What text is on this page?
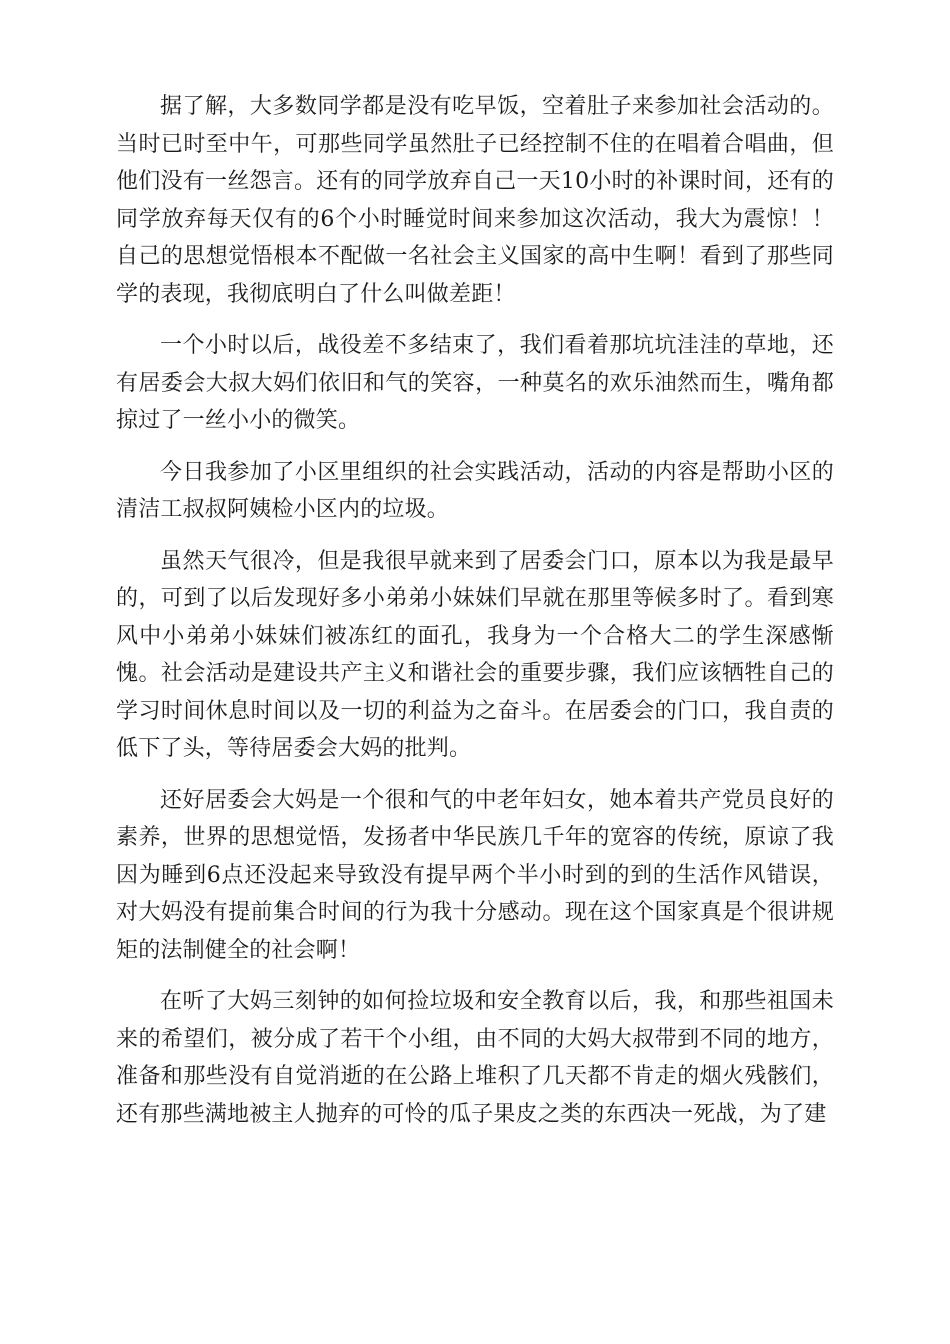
据了解，大多数同学都是没有吃早饭，空着肚子来参加社会活动的。当时已时至中午，可那些同学虽然肚子已经控制不住的在唱着合唱曲，但他们没有一丝怨言。还有的同学放弃自己一天10小时的补课时间，还有的同学放弃每天仅有的6个小时睡觉时间来参加这次活动，我大为震惊！！自己的思想觉悟根本不配做一名社会主义国家的高中生啊！看到了那些同学的表现，我彻底明白了什么叫做差距！

一个小时以后，战役差不多结束了，我们看着那坑坑洼洼的草地，还有居委会大叔大妈们依旧和气的笑容，一种莫名的欢乐油然而生，嘴角都掠过了一丝小小的微笑。

今日我参加了小区里组织的社会实践活动，活动的内容是帮助小区的清洁工叔叔阿姨检小区内的垃圾。

虽然天气很冷，但是我很早就来到了居委会门口，原本以为我是最早的，可到了以后发现好多小弟弟小妹妹们早就在那里等候多时了。看到寒风中小弟弟小妹妹们被冻红的面孔，我身为一个合格大二的学生深感惭愧。社会活动是建设共产主义和谐社会的重要步骤，我们应该牺牲自己的学习时间休息时间以及一切的利益为之奋斗。在居委会的门口，我自责的低下了头，等待居委会大妈的批判。

还好居委会大妈是一个很和气的中老年妇女，她本着共产党员良好的素养，世界的思想觉悟，发扬者中华民族几千年的宽容的传统，原谅了我因为睡到6点还没起来导致没有提早两个半小时到的到的生活作风错误，对大妈没有提前集合时间的行为我十分感动。现在这个国家真是个很讲规矩的法制健全的社会啊！

在听了大妈三刻钟的如何捡垃圾和安全教育以后，我，和那些祖国未来的希望们，被分成了若干个小组，由不同的大妈大叔带到不同的地方，准备和那些没有自觉消逝的在公路上堆积了几天都不肯走的烟火残骸们，还有那些满地被主人抛弃的可怜的瓜子果皮之类的东西决一死战，为了建
